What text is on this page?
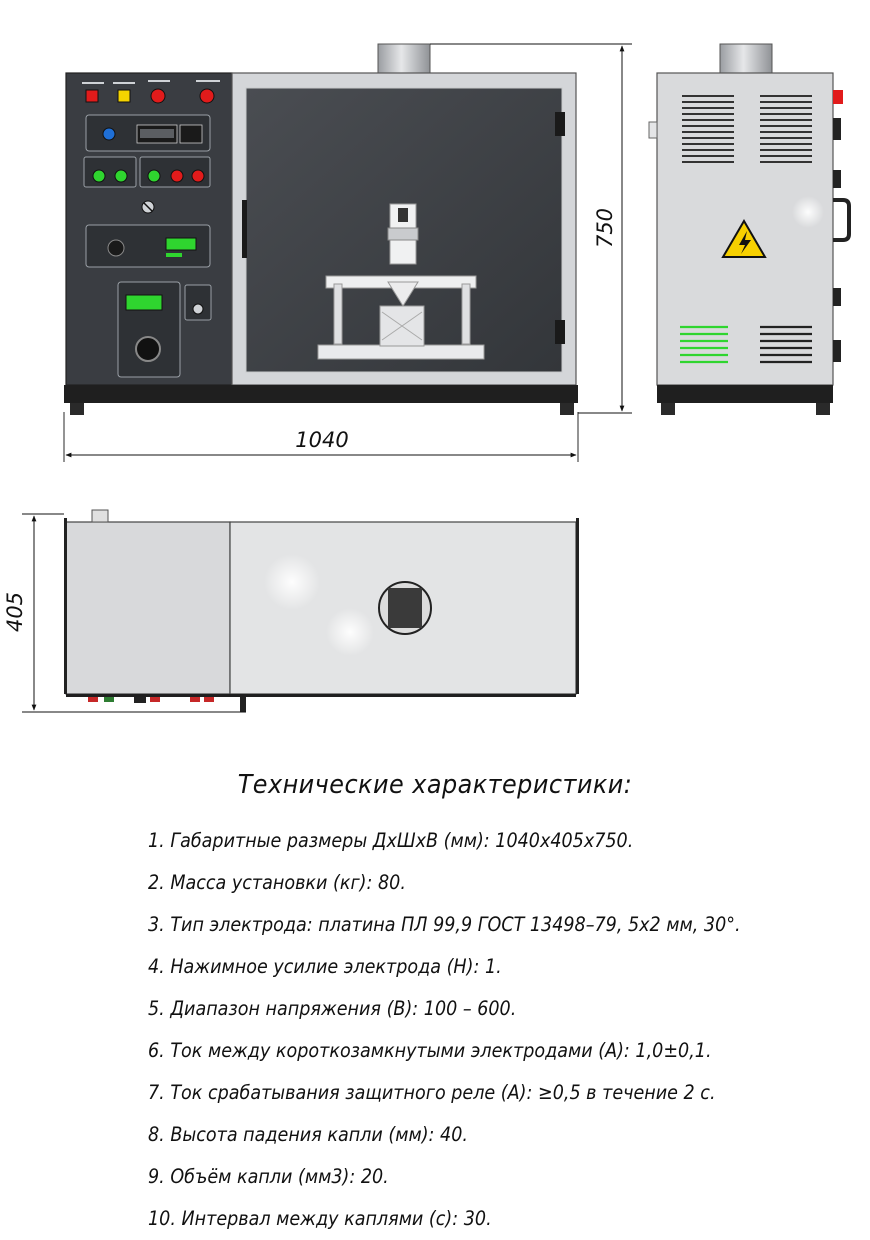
1040
750
405
Технические характеристики:
1. Габаритные размеры ДхШхВ (мм): 1040х405х750.
2. Масса установки (кг): 80.
3. Тип электрода: платина ПЛ 99,9 ГОСТ 13498–79, 5х2 мм, 30°.
4. Нажимное усилие электрода (Н): 1.
5. Диапазон напряжения (В): 100 – 600.
6. Ток между короткозамкнутыми электродами (А): 1,0±0,1.
7. Ток срабатывания защитного реле (А): ≥0,5 в течение 2 с.
8. Высота падения капли (мм): 40.
9. Объём капли (мм3): 20.
10. Интервал между каплями (с): 30.
